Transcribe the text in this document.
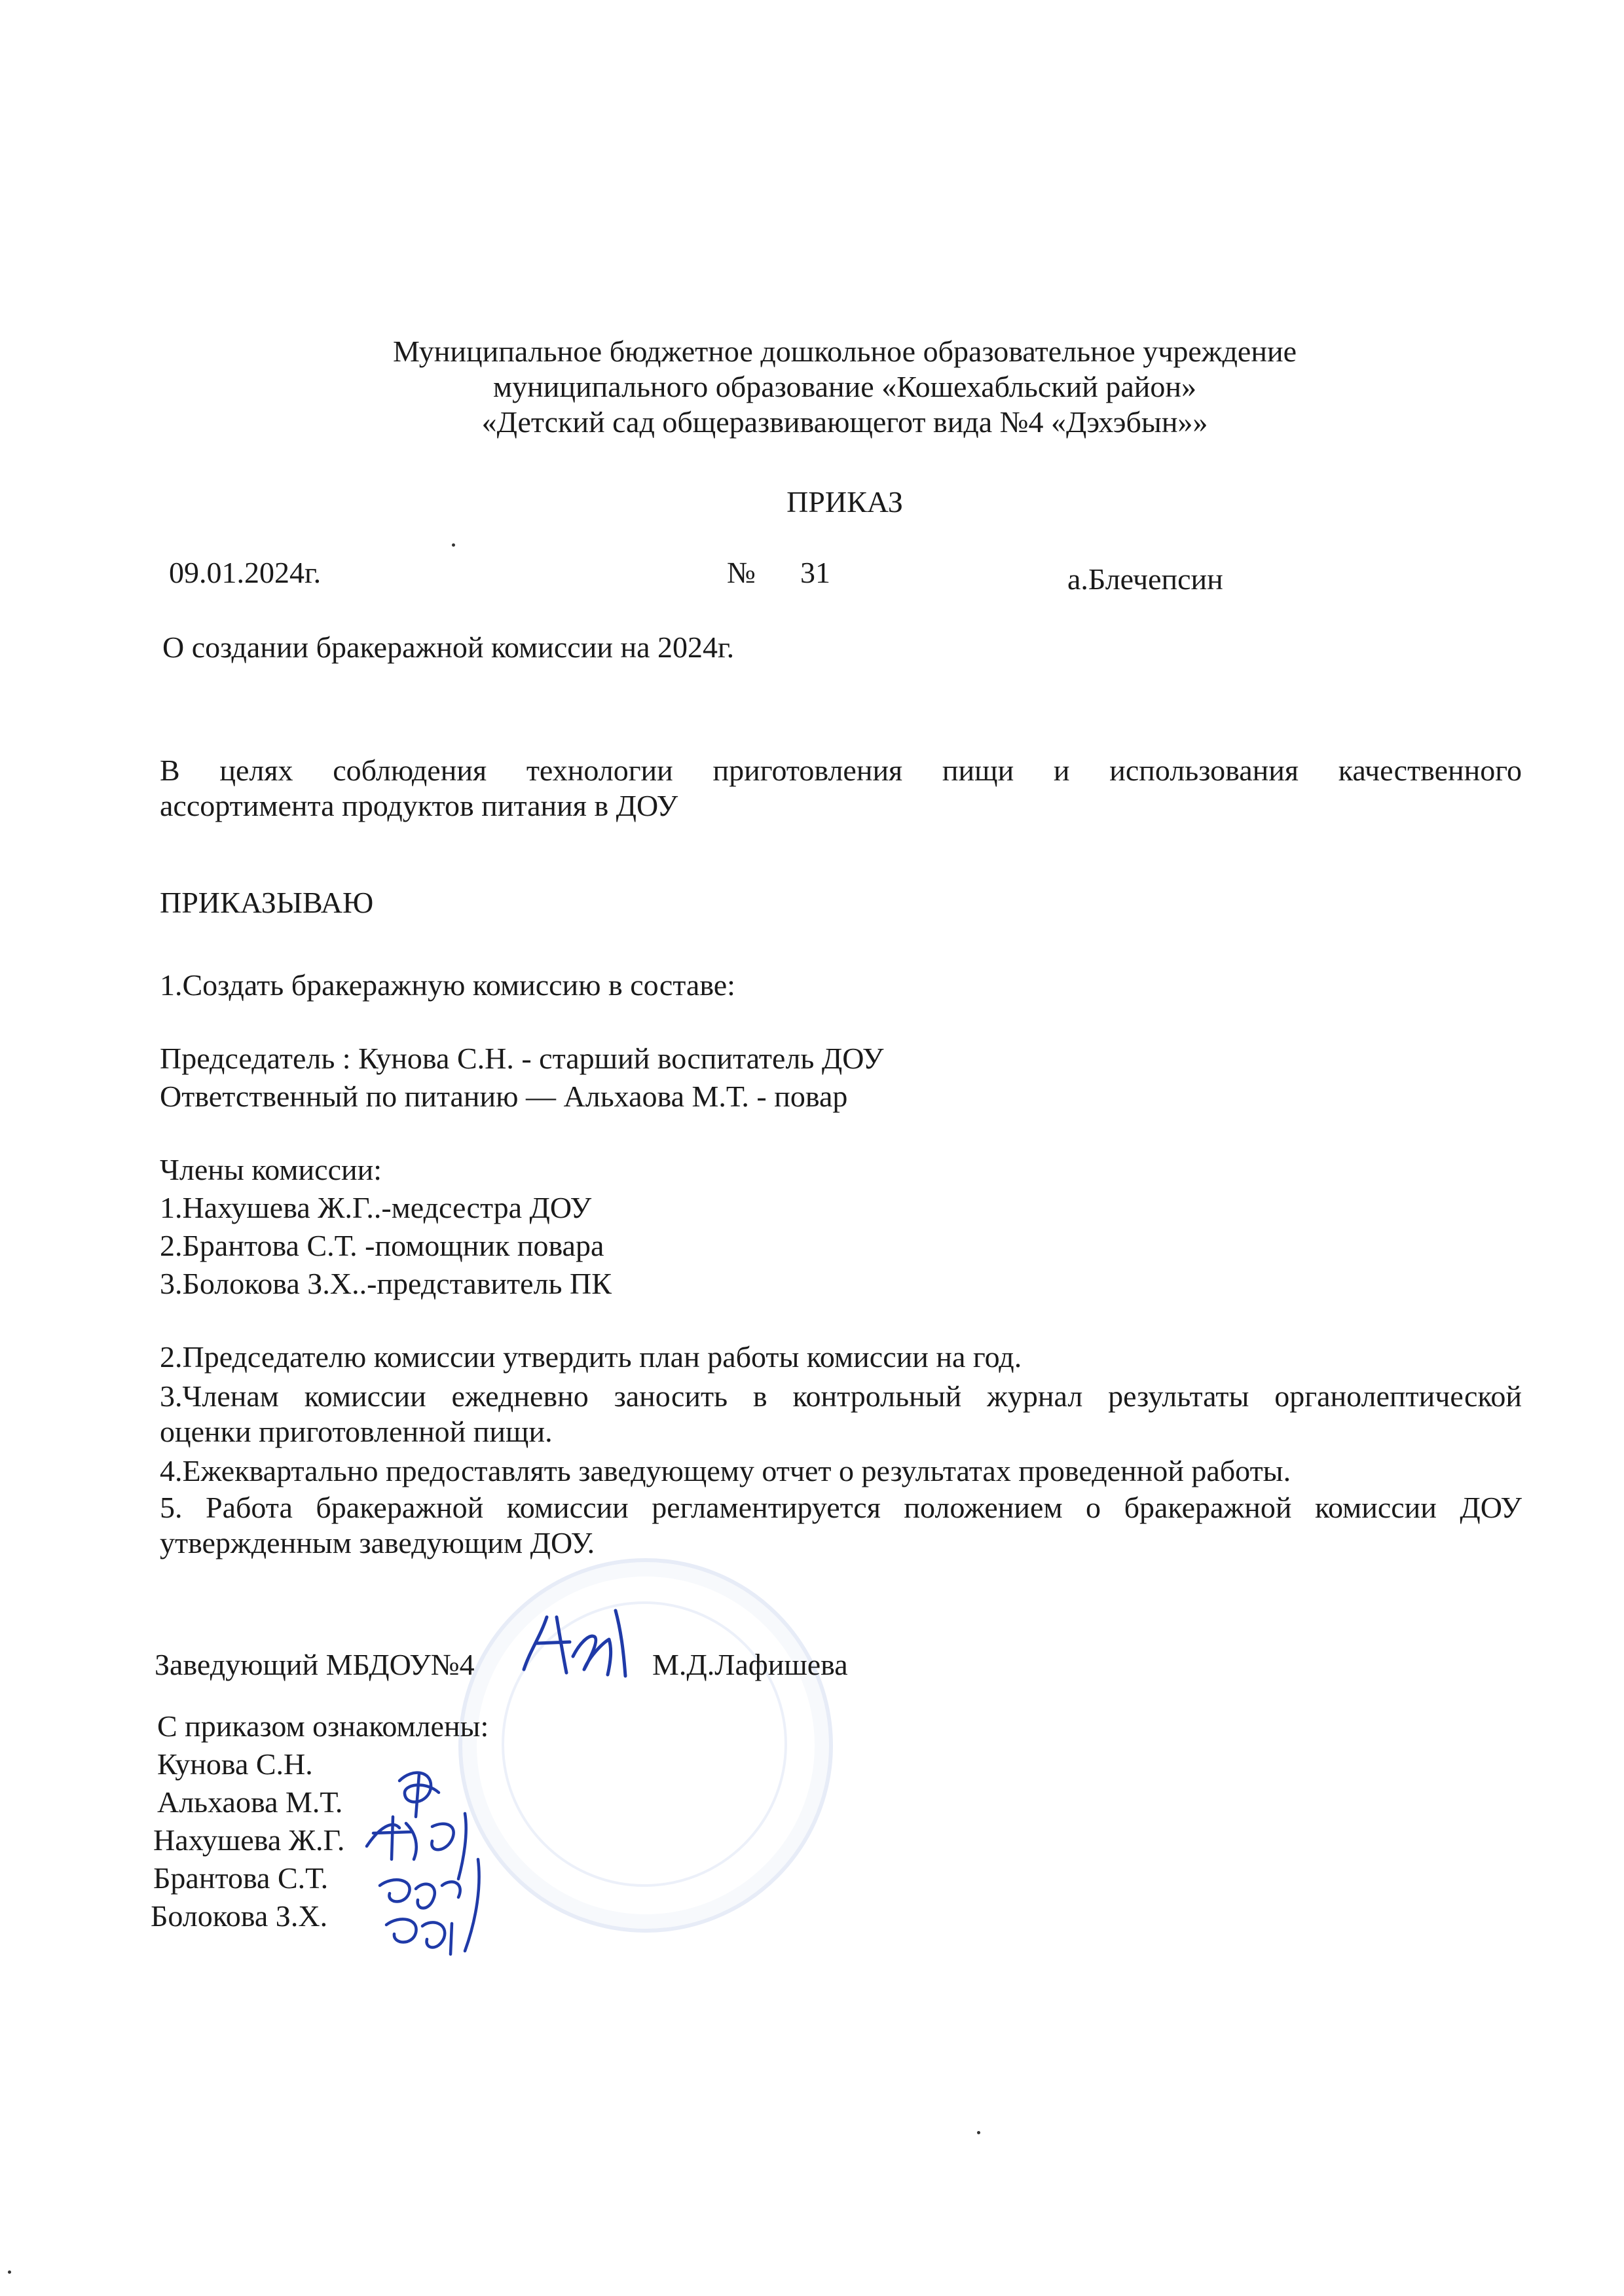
Муниципальное бюджетное дошкольное образовательное учреждение
муниципального образование «Кошехабльский район»
«Детский сад общеразвивающегот вида №4 «Дэхэбын»»
ПРИКАЗ
09.01.2024г.	№ 31	а.Блечепсин
О создании бракеражной комиссии на 2024г.
В целях соблюдения технологии приготовления пищи и использования качественного
ассортимента продуктов питания в ДОУ
ПРИКАЗЫВАЮ
1.Создать бракеражную комиссию в составе:
Председатель : Кунова С.Н. - старший воспитатель ДОУ
Ответственный по питанию — Альхаова М.Т. - повар
Члены комиссии:
1.Нахушева Ж.Г..-медсестра ДОУ
2.Брантова С.Т. -помощник повара
3.Болокова З.Х..-представитель ПК
2.Председателю комиссии утвердить план работы комиссии на год.
3.Членам комиссии ежедневно заносить в контрольный журнал результаты органолептической
оценки приготовленной пищи.
4.Ежеквартально предоставлять заведующему отчет о результатах проведенной работы.
5. Работа бракеражной комиссии регламентируется положением о бракеражной комиссии ДОУ
утвержденным заведующим ДОУ.
Заведующий МБДОУ№4	М.Д.Лафишева
С приказом ознакомлены:
Кунова С.Н.
Альхаова М.Т.
Нахушева Ж.Г.
Брантова С.Т.
Болокова З.Х.
